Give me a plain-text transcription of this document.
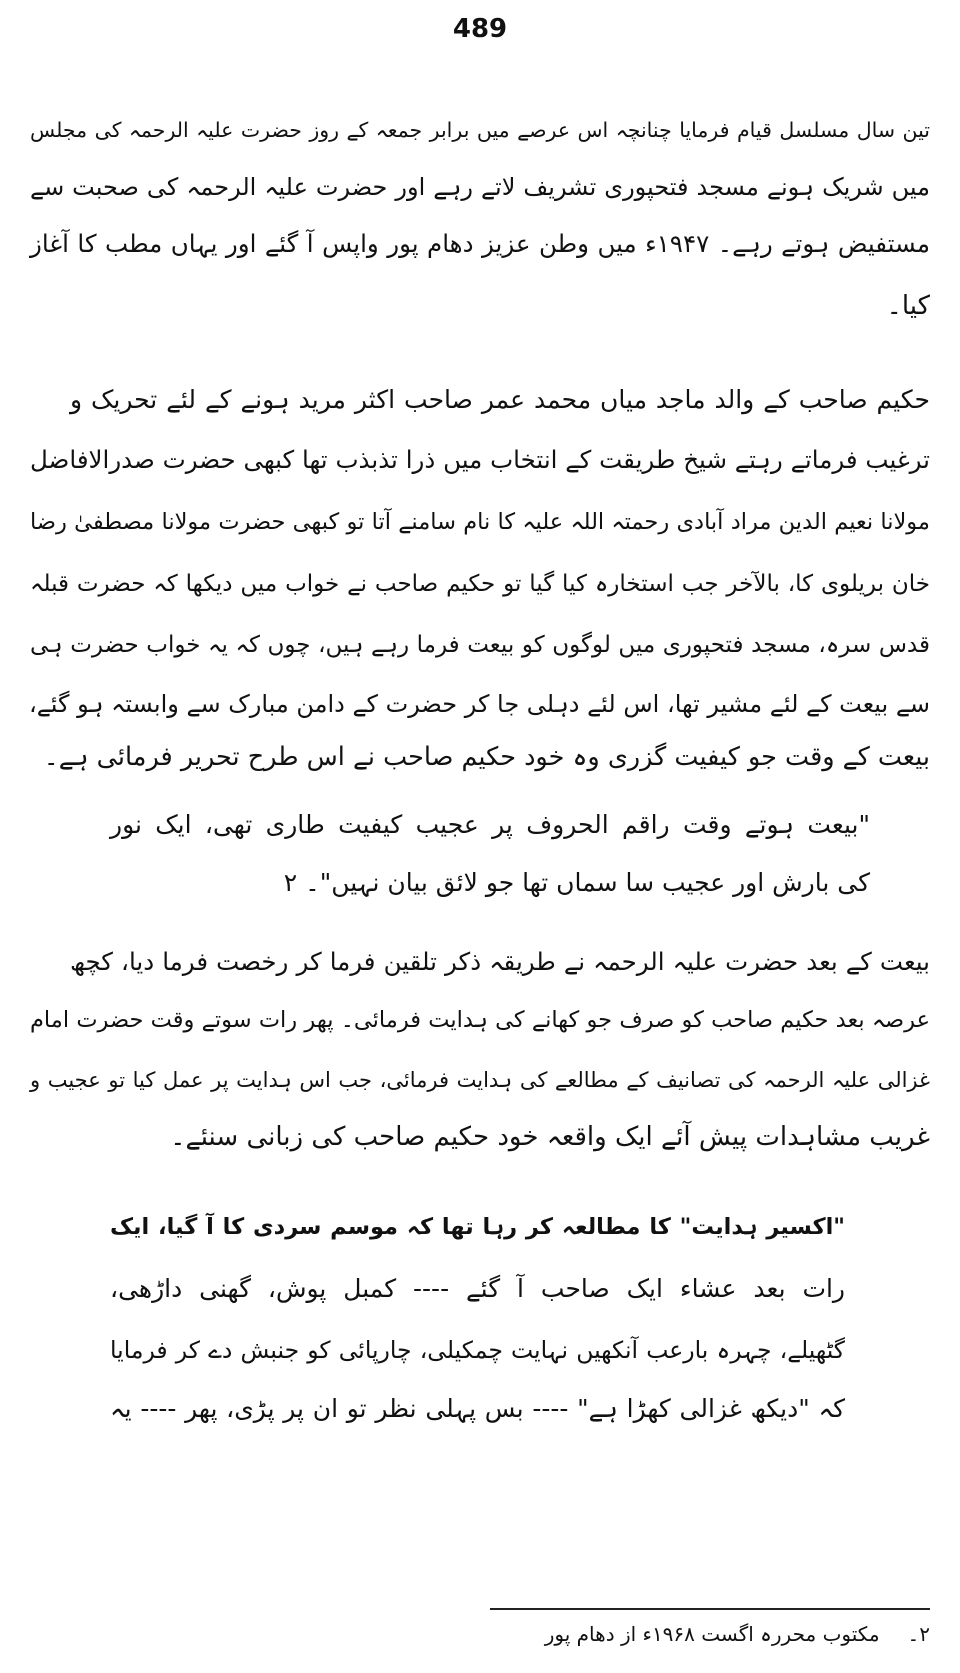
489
تین سال مسلسل قیام فرمایا چنانچہ اس عرصے میں برابر جمعہ کے روز حضرت علیہ الرحمہ کی مجلس
میں شریک ہونے مسجد فتحپوری تشریف لاتے رہے اور حضرت علیہ الرحمہ کی صحبت سے
مستفیض ہوتے رہے۔ ۱۹۴۷ء میں وطن عزیز دھام پور واپس آ گئے اور یہاں مطب کا آغاز
کیا۔
حکیم صاحب کے والد ماجد میاں محمد عمر صاحب اکثر مرید ہونے کے لئے تحریک و
ترغیب فرماتے رہتے شیخ طریقت کے انتخاب میں ذرا تذبذب تھا کبھی حضرت صدرالافاضل
مولانا نعیم الدین مراد آبادی رحمتہ اللہ علیہ کا نام سامنے آتا تو کبھی حضرت مولانا مصطفیٰ رضا
خان بریلوی کا، بالآخر جب استخارہ کیا گیا تو حکیم صاحب نے خواب میں دیکھا کہ حضرت قبلہ
قدس سرہ، مسجد فتحپوری میں لوگوں کو بیعت فرما رہے ہیں، چوں کہ یہ خواب حضرت ہی
سے بیعت کے لئے مشیر تھا، اس لئے دہلی جا کر حضرت کے دامن مبارک سے وابستہ ہو گئے،
بیعت کے وقت جو کیفیت گزری وہ خود حکیم صاحب نے اس طرح تحریر فرمائی ہے۔
"بیعت ہوتے وقت راقم الحروف پر عجیب کیفیت طاری تھی، ایک نور
کی بارش اور عجیب سا سماں تھا جو لائق بیان نہیں"۔ ۲
بیعت کے بعد حضرت علیہ الرحمہ نے طریقہ ذکر تلقین فرما کر رخصت فرما دیا، کچھ
عرصہ بعد حکیم صاحب کو صرف جو کھانے کی ہدایت فرمائی۔ پھر رات سوتے وقت حضرت امام
غزالی علیہ الرحمہ کی تصانیف کے مطالعے کی ہدایت فرمائی، جب اس ہدایت پر عمل کیا تو عجیب و
غریب مشاہدات پیش آئے ایک واقعہ خود حکیم صاحب کی زبانی سنئے۔
"اکسیر ہدایت" کا مطالعہ کر رہا تھا کہ موسم سردی کا آ گیا، ایک
رات بعد عشاء ایک صاحب آ گئے ---- کمبل پوش، گھنی داڑھی،
گٹھیلے، چہرہ بارعب آنکھیں نہایت چمکیلی، چارپائی کو جنبش دے کر فرمایا
کہ "دیکھ غزالی کھڑا ہے" ---- بس پہلی نظر تو ان پر پڑی، پھر ---- یہ
۲۔
مکتوب محررہ اگست ۱۹۶۸ء از دھام پور
